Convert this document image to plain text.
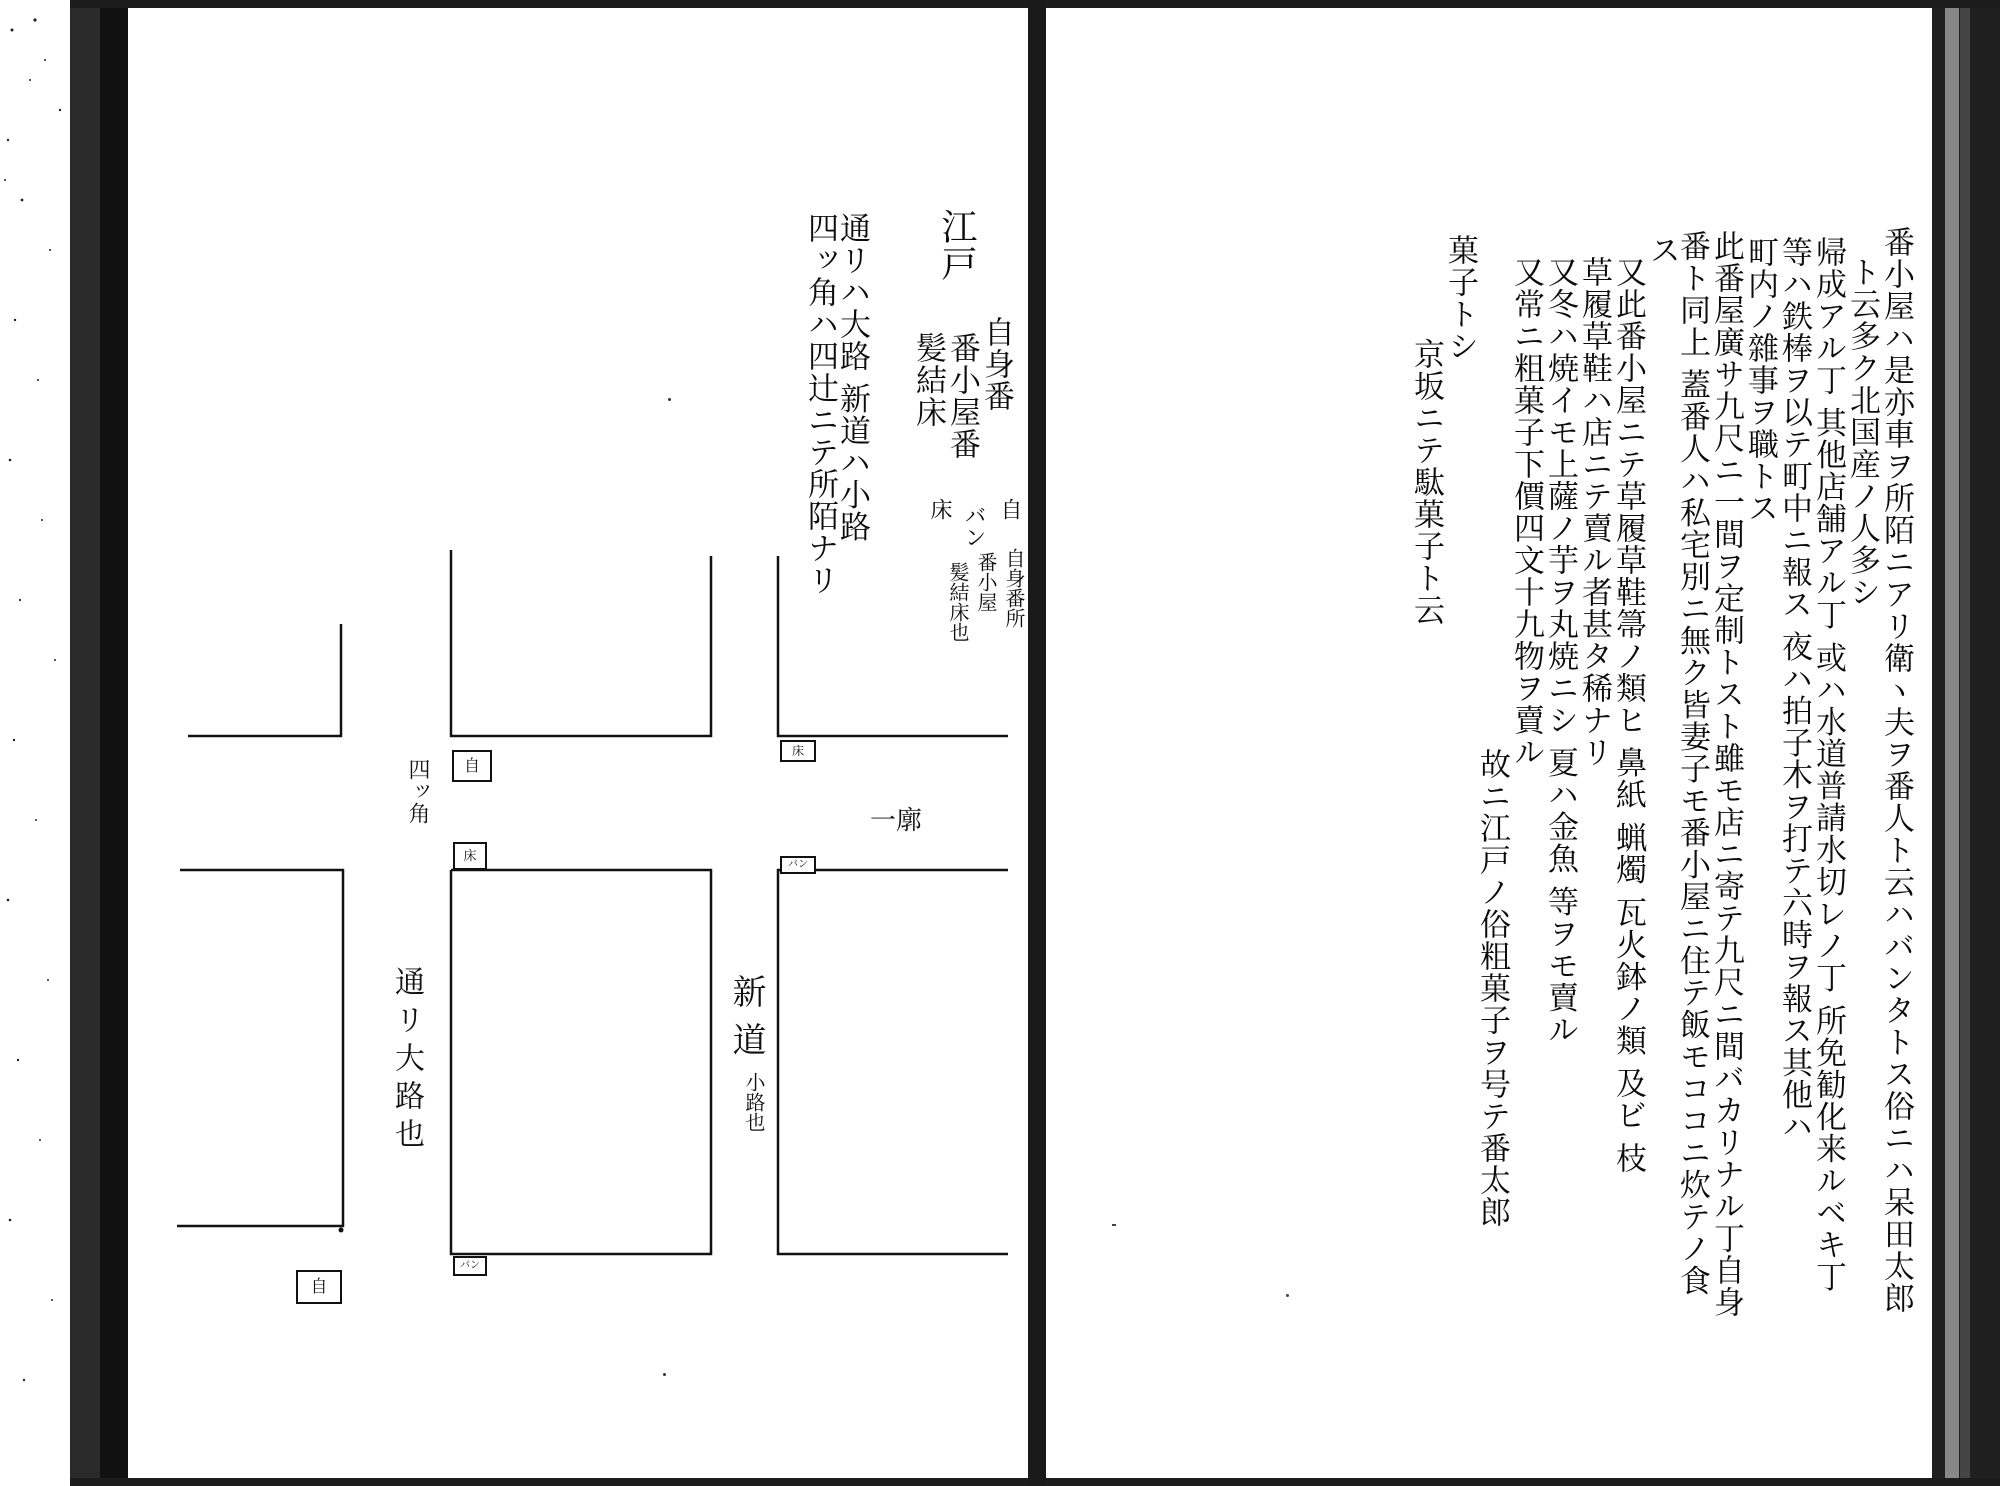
江戸
自身番
番小屋番
髪結床
自
バン
床
自身番所
番小屋
髪結床也
通リハ大路 新道ハ小路
四ッ角ハ四辻ニテ所陌ナリ
自
床
床
バン
バン
自
四ッ角	一廓
通リ大路也	新道
小路也	番小屋ハ是亦車ヲ所陌ニアリ衛ヽ夫ヲ番人ト云ハバンタトス俗ニハ呆田太郎
ト云多ク北国産ノ人多シ
帰成アル丁 其他店舗アル丁 或ハ水道普請水切レノ丁 所免勧化来ルベキ丁
等ハ鉄棒ヲ以テ町中ニ報ス 夜ハ拍子木ヲ打テ六時ヲ報ス其他ハ
町内ノ雜事ヲ職トス
此番屋廣サ九尺ニ一間ヲ定制トスト雖モ店ニ寄テ九尺ニ間バカリナル丁自身
番ト同上 蓋番人ハ私宅別ニ無ク皆妻子モ番小屋ニ住テ飯モココニ炊テノ食
ス
又此番小屋ニテ草履草鞋箒ノ類ヒ 鼻紙 蝋燭 瓦火鉢ノ類 及ビ 枝
草履草鞋ハ店ニテ賣ル者甚タ稀ナリ
又冬ハ焼イモ上薩ノ芋ヲ丸焼ニシ 夏ハ金魚 等ヲモ賣ル
又常ニ粗菓子下價四文十九物ヲ賣ル
故ニ江戸ノ俗粗菓子ヲ号テ番太郎
菓子トシ
京坂ニテ駄菓子ト云
